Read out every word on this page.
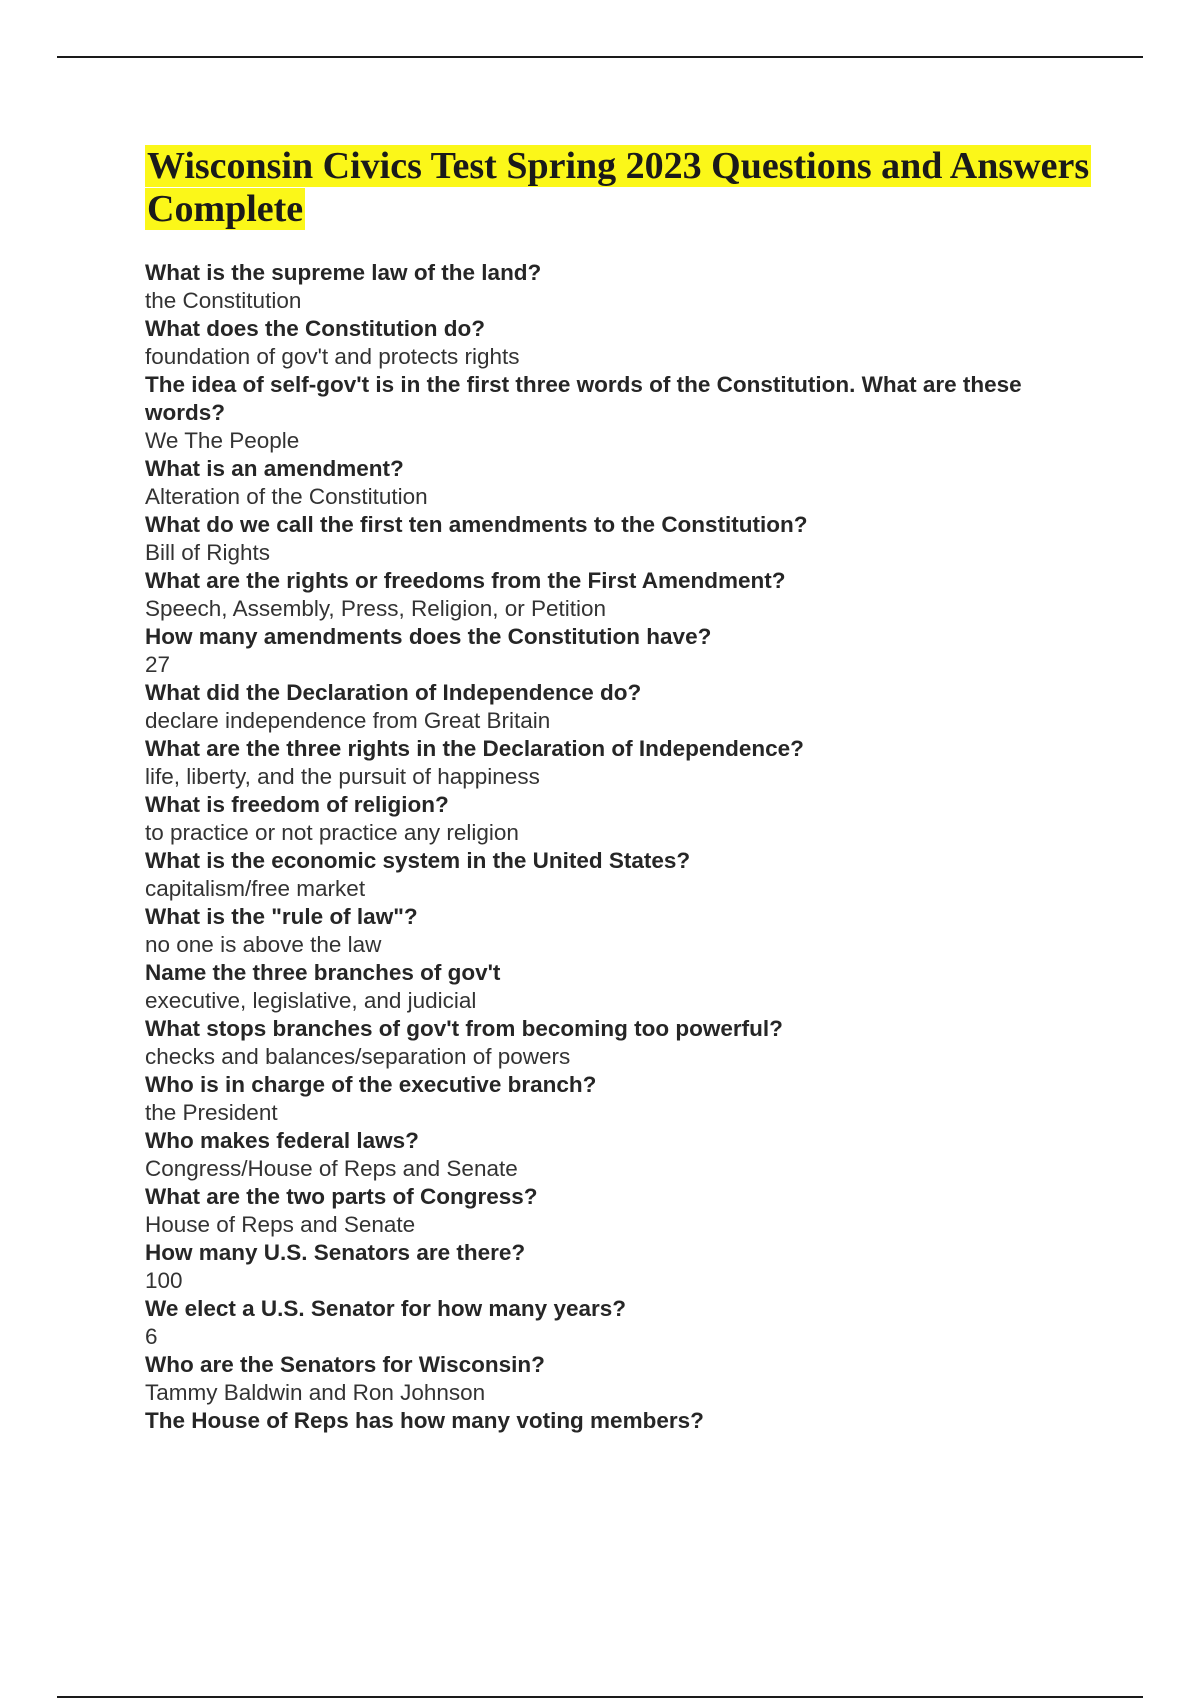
Wisconsin Civics Test Spring 2023 Questions and Answers Complete
What is the supreme law of the land?
the Constitution
What does the Constitution do?
foundation of gov't and protects rights
The idea of self-gov't is in the first three words of the Constitution. What are these words?
We The People
What is an amendment?
Alteration of the Constitution
What do we call the first ten amendments to the Constitution?
Bill of Rights
What are the rights or freedoms from the First Amendment?
Speech, Assembly, Press, Religion, or Petition
How many amendments does the Constitution have?
27
What did the Declaration of Independence do?
declare independence from Great Britain
What are the three rights in the Declaration of Independence?
life, liberty, and the pursuit of happiness
What is freedom of religion?
to practice or not practice any religion
What is the economic system in the United States?
capitalism/free market
What is the "rule of law"?
no one is above the law
Name the three branches of gov't
executive, legislative, and judicial
What stops branches of gov't from becoming too powerful?
checks and balances/separation of powers
Who is in charge of the executive branch?
the President
Who makes federal laws?
Congress/House of Reps and Senate
What are the two parts of Congress?
House of Reps and Senate
How many U.S. Senators are there?
100
We elect a U.S. Senator for how many years?
6
Who are the Senators for Wisconsin?
Tammy Baldwin and Ron Johnson
The House of Reps has how many voting members?
